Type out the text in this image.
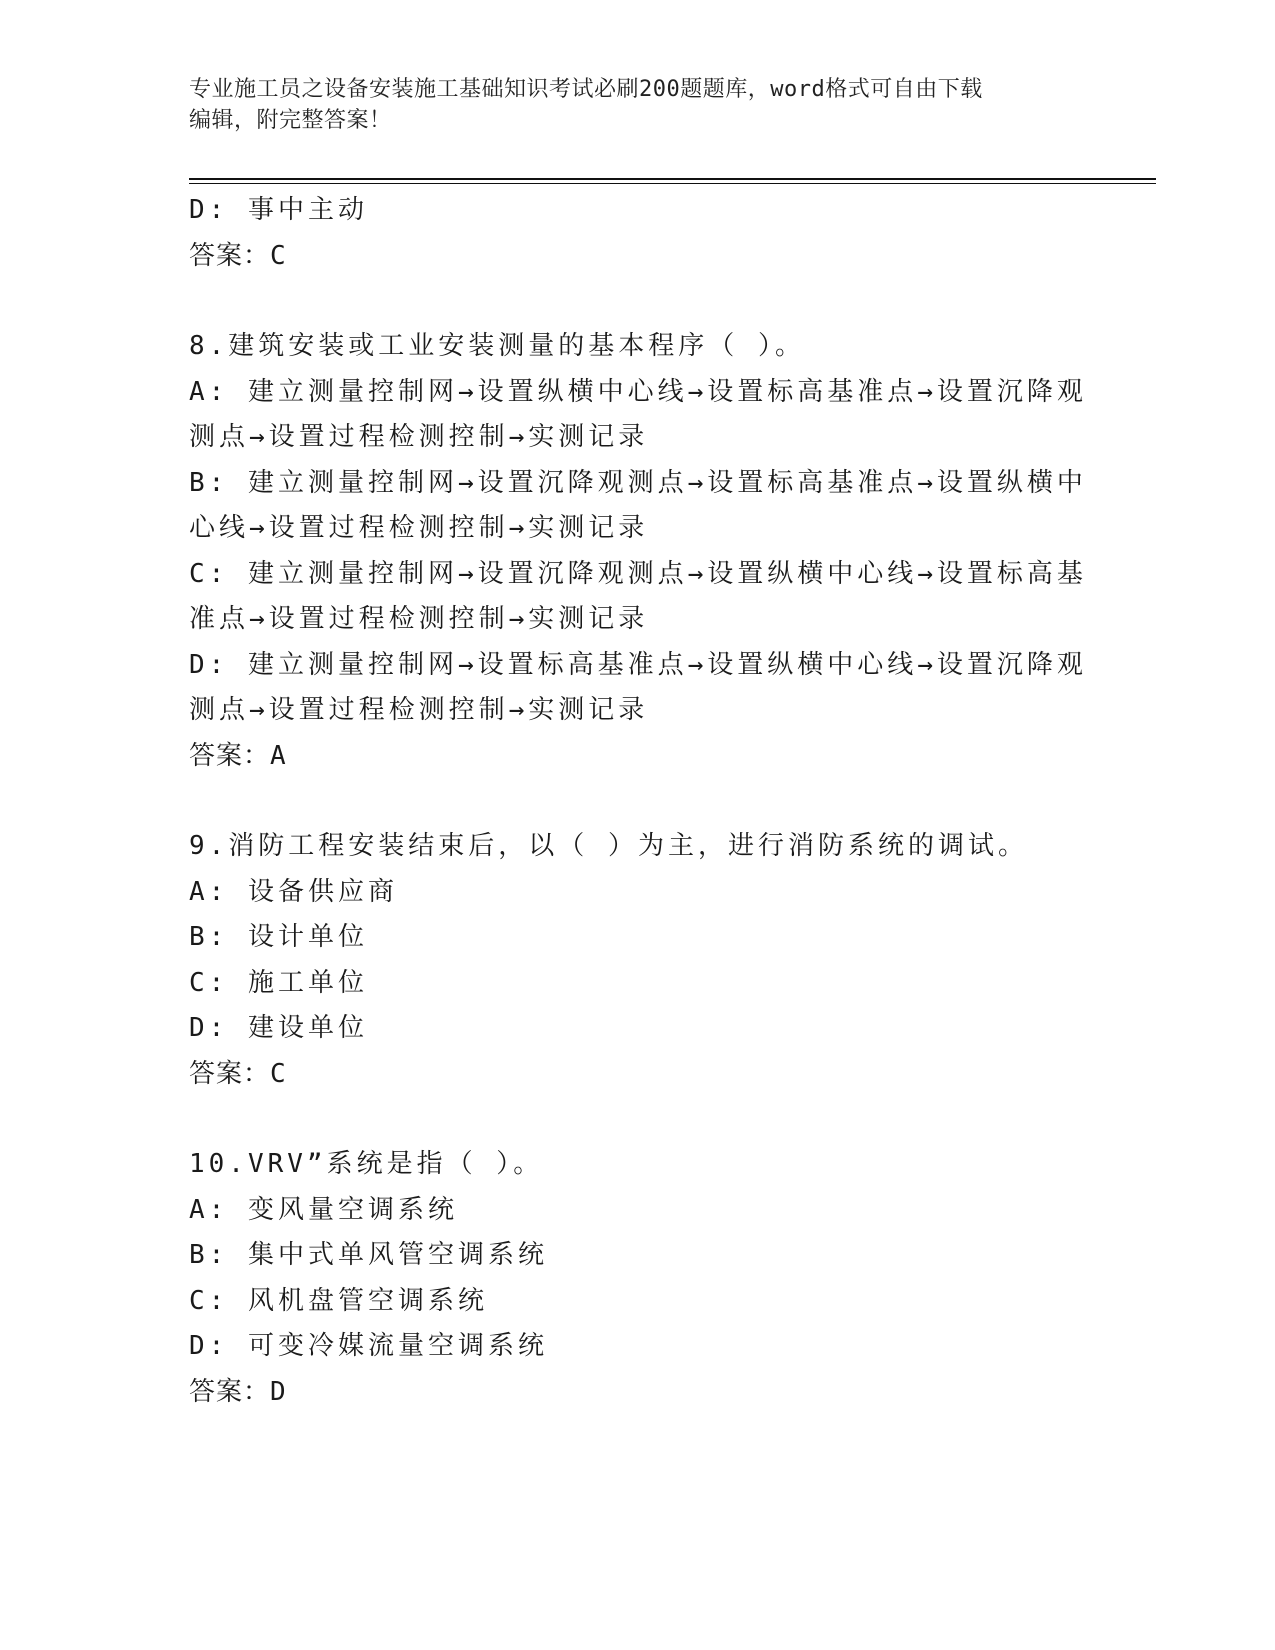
专业施工员之设备安装施工基础知识考试必刷200题题库，word格式可自由下载
编辑，附完整答案！
D: 事中主动
答案：C
8.建筑安装或工业安装测量的基本程序（ ）。
A: 建立测量控制网→设置纵横中心线→设置标高基准点→设置沉降观
测点→设置过程检测控制→实测记录
B: 建立测量控制网→设置沉降观测点→设置标高基准点→设置纵横中
心线→设置过程检测控制→实测记录
C: 建立测量控制网→设置沉降观测点→设置纵横中心线→设置标高基
准点→设置过程检测控制→实测记录
D: 建立测量控制网→设置标高基准点→设置纵横中心线→设置沉降观
测点→设置过程检测控制→实测记录
答案：A
9.消防工程安装结束后，以（ ）为主，进行消防系统的调试。
A: 设备供应商
B: 设计单位
C: 施工单位
D: 建设单位
答案：C
10.VRV”系统是指（ ）。
A: 变风量空调系统
B: 集中式单风管空调系统
C: 风机盘管空调系统
D: 可变冷媒流量空调系统
答案：D
